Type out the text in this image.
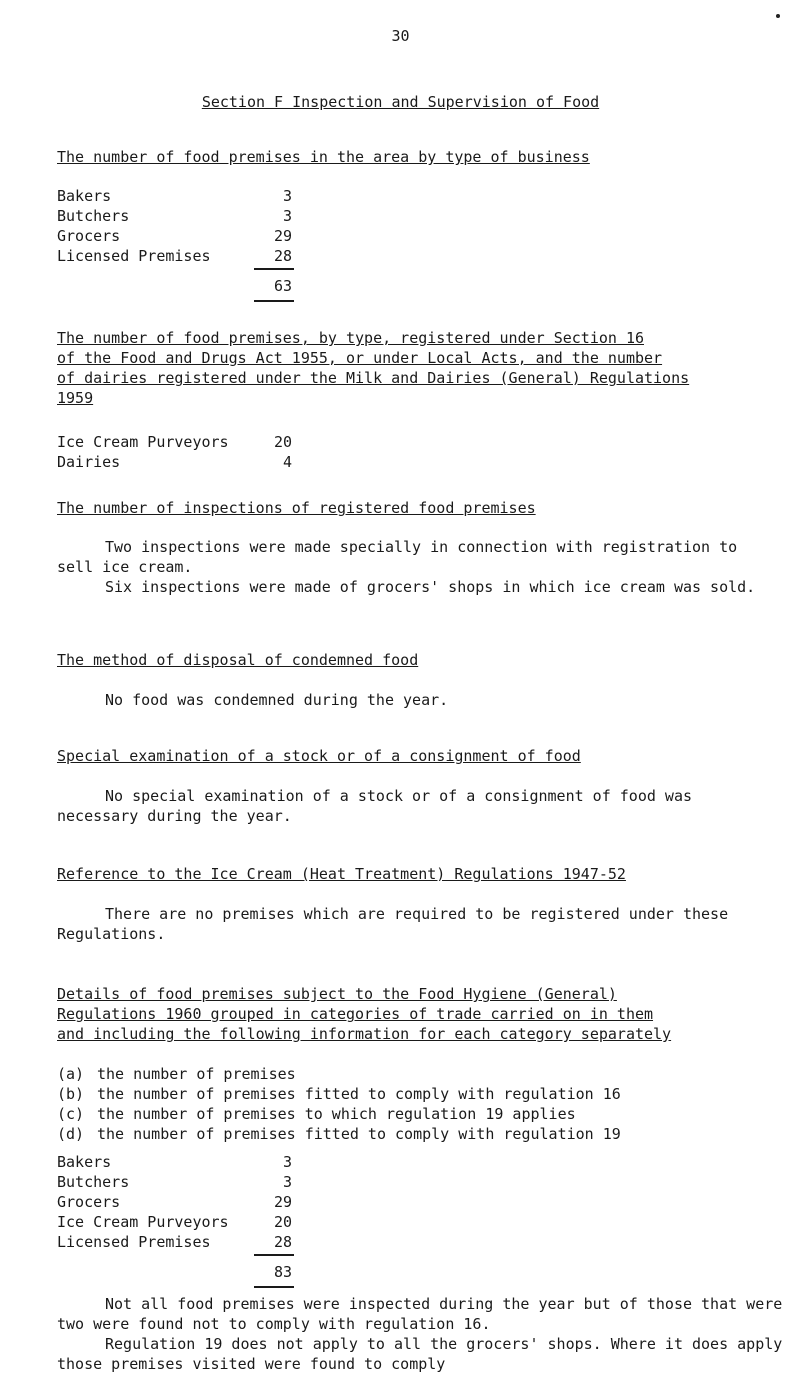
30
Section F Inspection and Supervision of Food
The number of food premises in the area by type of business
Bakers	3
Butchers	3
Grocers	29
Licensed Premises	28
63
The number of food premises, by type, registered under Section 16
of the Food and Drugs Act 1955, or under Local Acts, and the number
of dairies registered under the Milk and Dairies (General) Regulations
1959
Ice Cream Purveyors	20
Dairies	4
The number of inspections of registered food premises

Two inspections were made specially in connection with registration to sell ice cream.

Six inspections were made of grocers' shops in which ice cream was sold.

The method of disposal of condemned food

No food was condemned during the year.

Special examination of a stock or of a consignment of food

No special examination of a stock or of a consignment of food was necessary during the year.

Reference to the Ice Cream (Heat Treatment) Regulations 1947-52

There are no premises which are required to be registered under these Regulations.

Details of food premises subject to the Food Hygiene (General)
Regulations 1960 grouped in categories of trade carried on in them
and including the following information for each category separately
(a) the number of premises
(b) the number of premises fitted to comply with regulation 16
(c) the number of premises to which regulation 19 applies
(d) the number of premises fitted to comply with regulation 19
Bakers	3
Butchers	3
Grocers	29
Ice Cream Purveyors	20
Licensed Premises	28
83

Not all food premises were inspected during the year but of those that were two were found not to comply with regulation 16.

Regulation 19 does not apply to all the grocers' shops. Where it does apply those premises visited were found to comply
